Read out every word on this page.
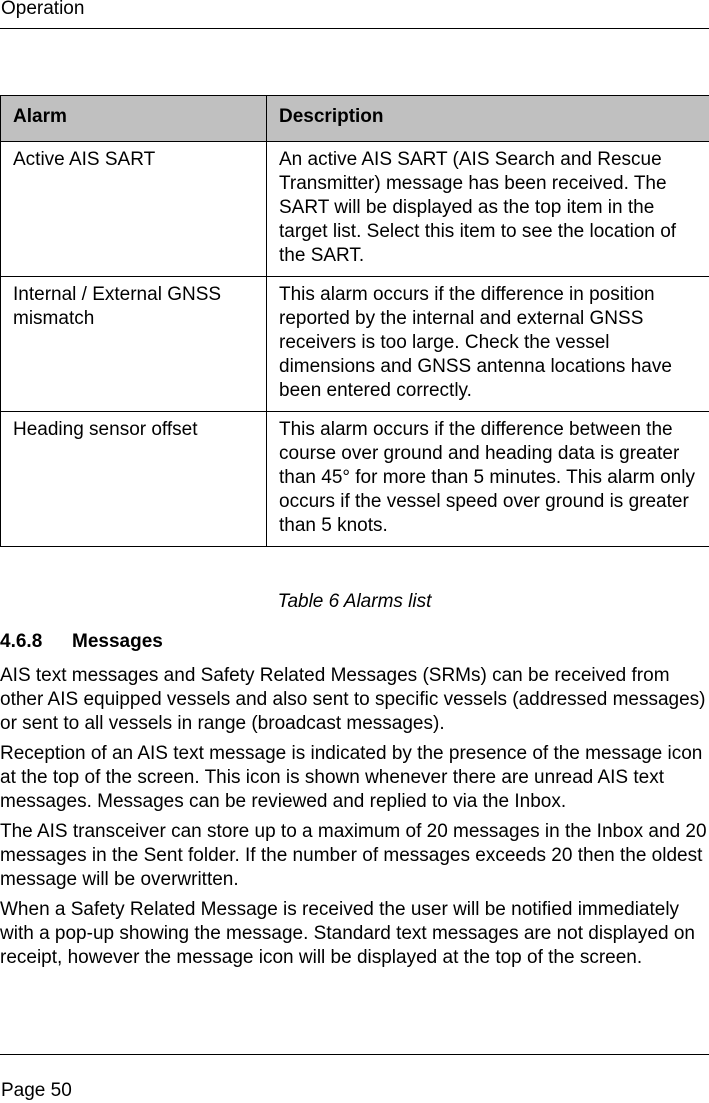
Operation
Alarm	Description
Active AIS SART	An active AIS SART (AIS Search and Rescue Transmitter) message has been received. The SART will be displayed as the top item in the target list. Select this item to see the location of the SART.
Internal / External GNSS mismatch	This alarm occurs if the difference in position reported by the internal and external GNSS receivers is too large. Check the vessel dimensions and GNSS antenna locations have been entered correctly.
Heading sensor offset	This alarm occurs if the difference between the course over ground and heading data is greater than 45° for more than 5 minutes. This alarm only occurs if the vessel speed over ground is greater than 5 knots.
Table 6 Alarms list
4.6.8 Messages

AIS text messages and Safety Related Messages (SRMs) can be received from other AIS equipped vessels and also sent to specific vessels (addressed messages) or sent to all vessels in range (broadcast messages).

Reception of an AIS text message is indicated by the presence of the message icon at the top of the screen. This icon is shown whenever there are unread AIS text messages. Messages can be reviewed and replied to via the Inbox.

The AIS transceiver can store up to a maximum of 20 messages in the Inbox and 20 messages in the Sent folder. If the number of messages exceeds 20 then the oldest message will be overwritten.

When a Safety Related Message is received the user will be notified immediately with a pop-up showing the message. Standard text messages are not displayed on receipt, however the message icon will be displayed at the top of the screen.

Page 50
